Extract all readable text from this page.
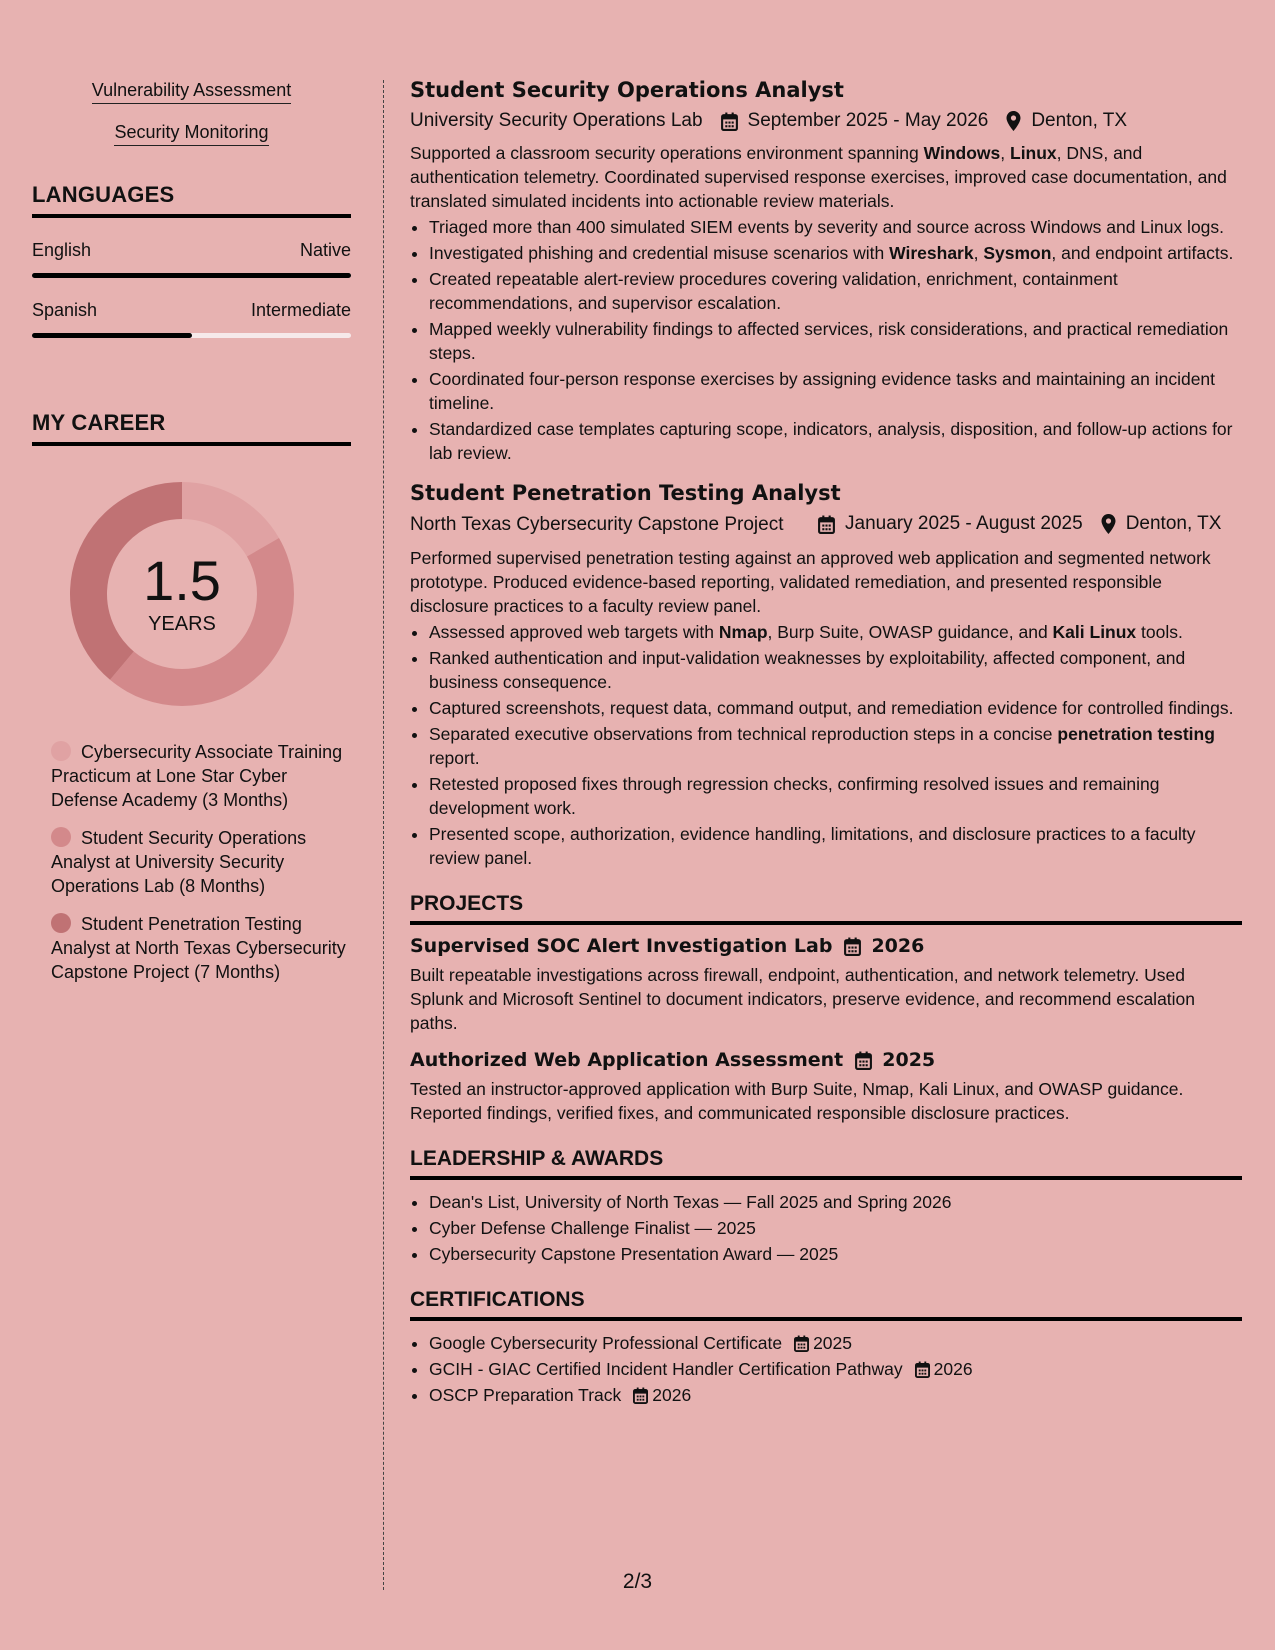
Vulnerability Assessment
Security Monitoring
LANGUAGES
English	Native
Spanish	Intermediate
MY CAREER
1.5
YEARS
Cybersecurity Associate Training Practicum at Lone Star Cyber Defense Academy (3 Months)
Student Security Operations Analyst at University Security Operations Lab (8 Months)
Student Penetration Testing Analyst at North Texas Cybersecurity Capstone Project (7 Months)
Student Security Operations Analyst
University Security Operations Lab September 2025 - May 2026 Denton, TX
Supported a classroom security operations environment spanning Windows, Linux, DNS, and authentication telemetry. Coordinated supervised response exercises, improved case documentation, and translated simulated incidents into actionable review materials.
• Triaged more than 400 simulated SIEM events by severity and source across Windows and Linux logs.
• Investigated phishing and credential misuse scenarios with Wireshark, Sysmon, and endpoint artifacts.
• Created repeatable alert-review procedures covering validation, enrichment, containment recommendations, and supervisor escalation.
• Mapped weekly vulnerability findings to affected services, risk considerations, and practical remediation steps.
• Coordinated four-person response exercises by assigning evidence tasks and maintaining an incident timeline.
• Standardized case templates capturing scope, indicators, analysis, disposition, and follow-up actions for lab review.
Student Penetration Testing Analyst
North Texas Cybersecurity Capstone Project	January 2025 - August 2025 Denton, TX
Performed supervised penetration testing against an approved web application and segmented network prototype. Produced evidence-based reporting, validated remediation, and presented responsible disclosure practices to a faculty review panel.
• Assessed approved web targets with Nmap, Burp Suite, OWASP guidance, and Kali Linux tools.
• Ranked authentication and input-validation weaknesses by exploitability, affected component, and business consequence.
• Captured screenshots, request data, command output, and remediation evidence for controlled findings.
• Separated executive observations from technical reproduction steps in a concise penetration testing report.
• Retested proposed fixes through regression checks, confirming resolved issues and remaining development work.
• Presented scope, authorization, evidence handling, limitations, and disclosure practices to a faculty review panel.
PROJECTS
Supervised SOC Alert Investigation Lab 2026
Built repeatable investigations across firewall, endpoint, authentication, and network telemetry. Used Splunk and Microsoft Sentinel to document indicators, preserve evidence, and recommend escalation paths.
Authorized Web Application Assessment 2025
Tested an instructor-approved application with Burp Suite, Nmap, Kali Linux, and OWASP guidance. Reported findings, verified fixes, and communicated responsible disclosure practices.
LEADERSHIP & AWARDS
• Dean's List, University of North Texas — Fall 2025 and Spring 2026
• Cyber Defense Challenge Finalist — 2025
• Cybersecurity Capstone Presentation Award — 2025
CERTIFICATIONS
• Google Cybersecurity Professional Certificate 2025
• GCIH - GIAC Certified Incident Handler Certification Pathway 2026
• OSCP Preparation Track 2026
2/3
